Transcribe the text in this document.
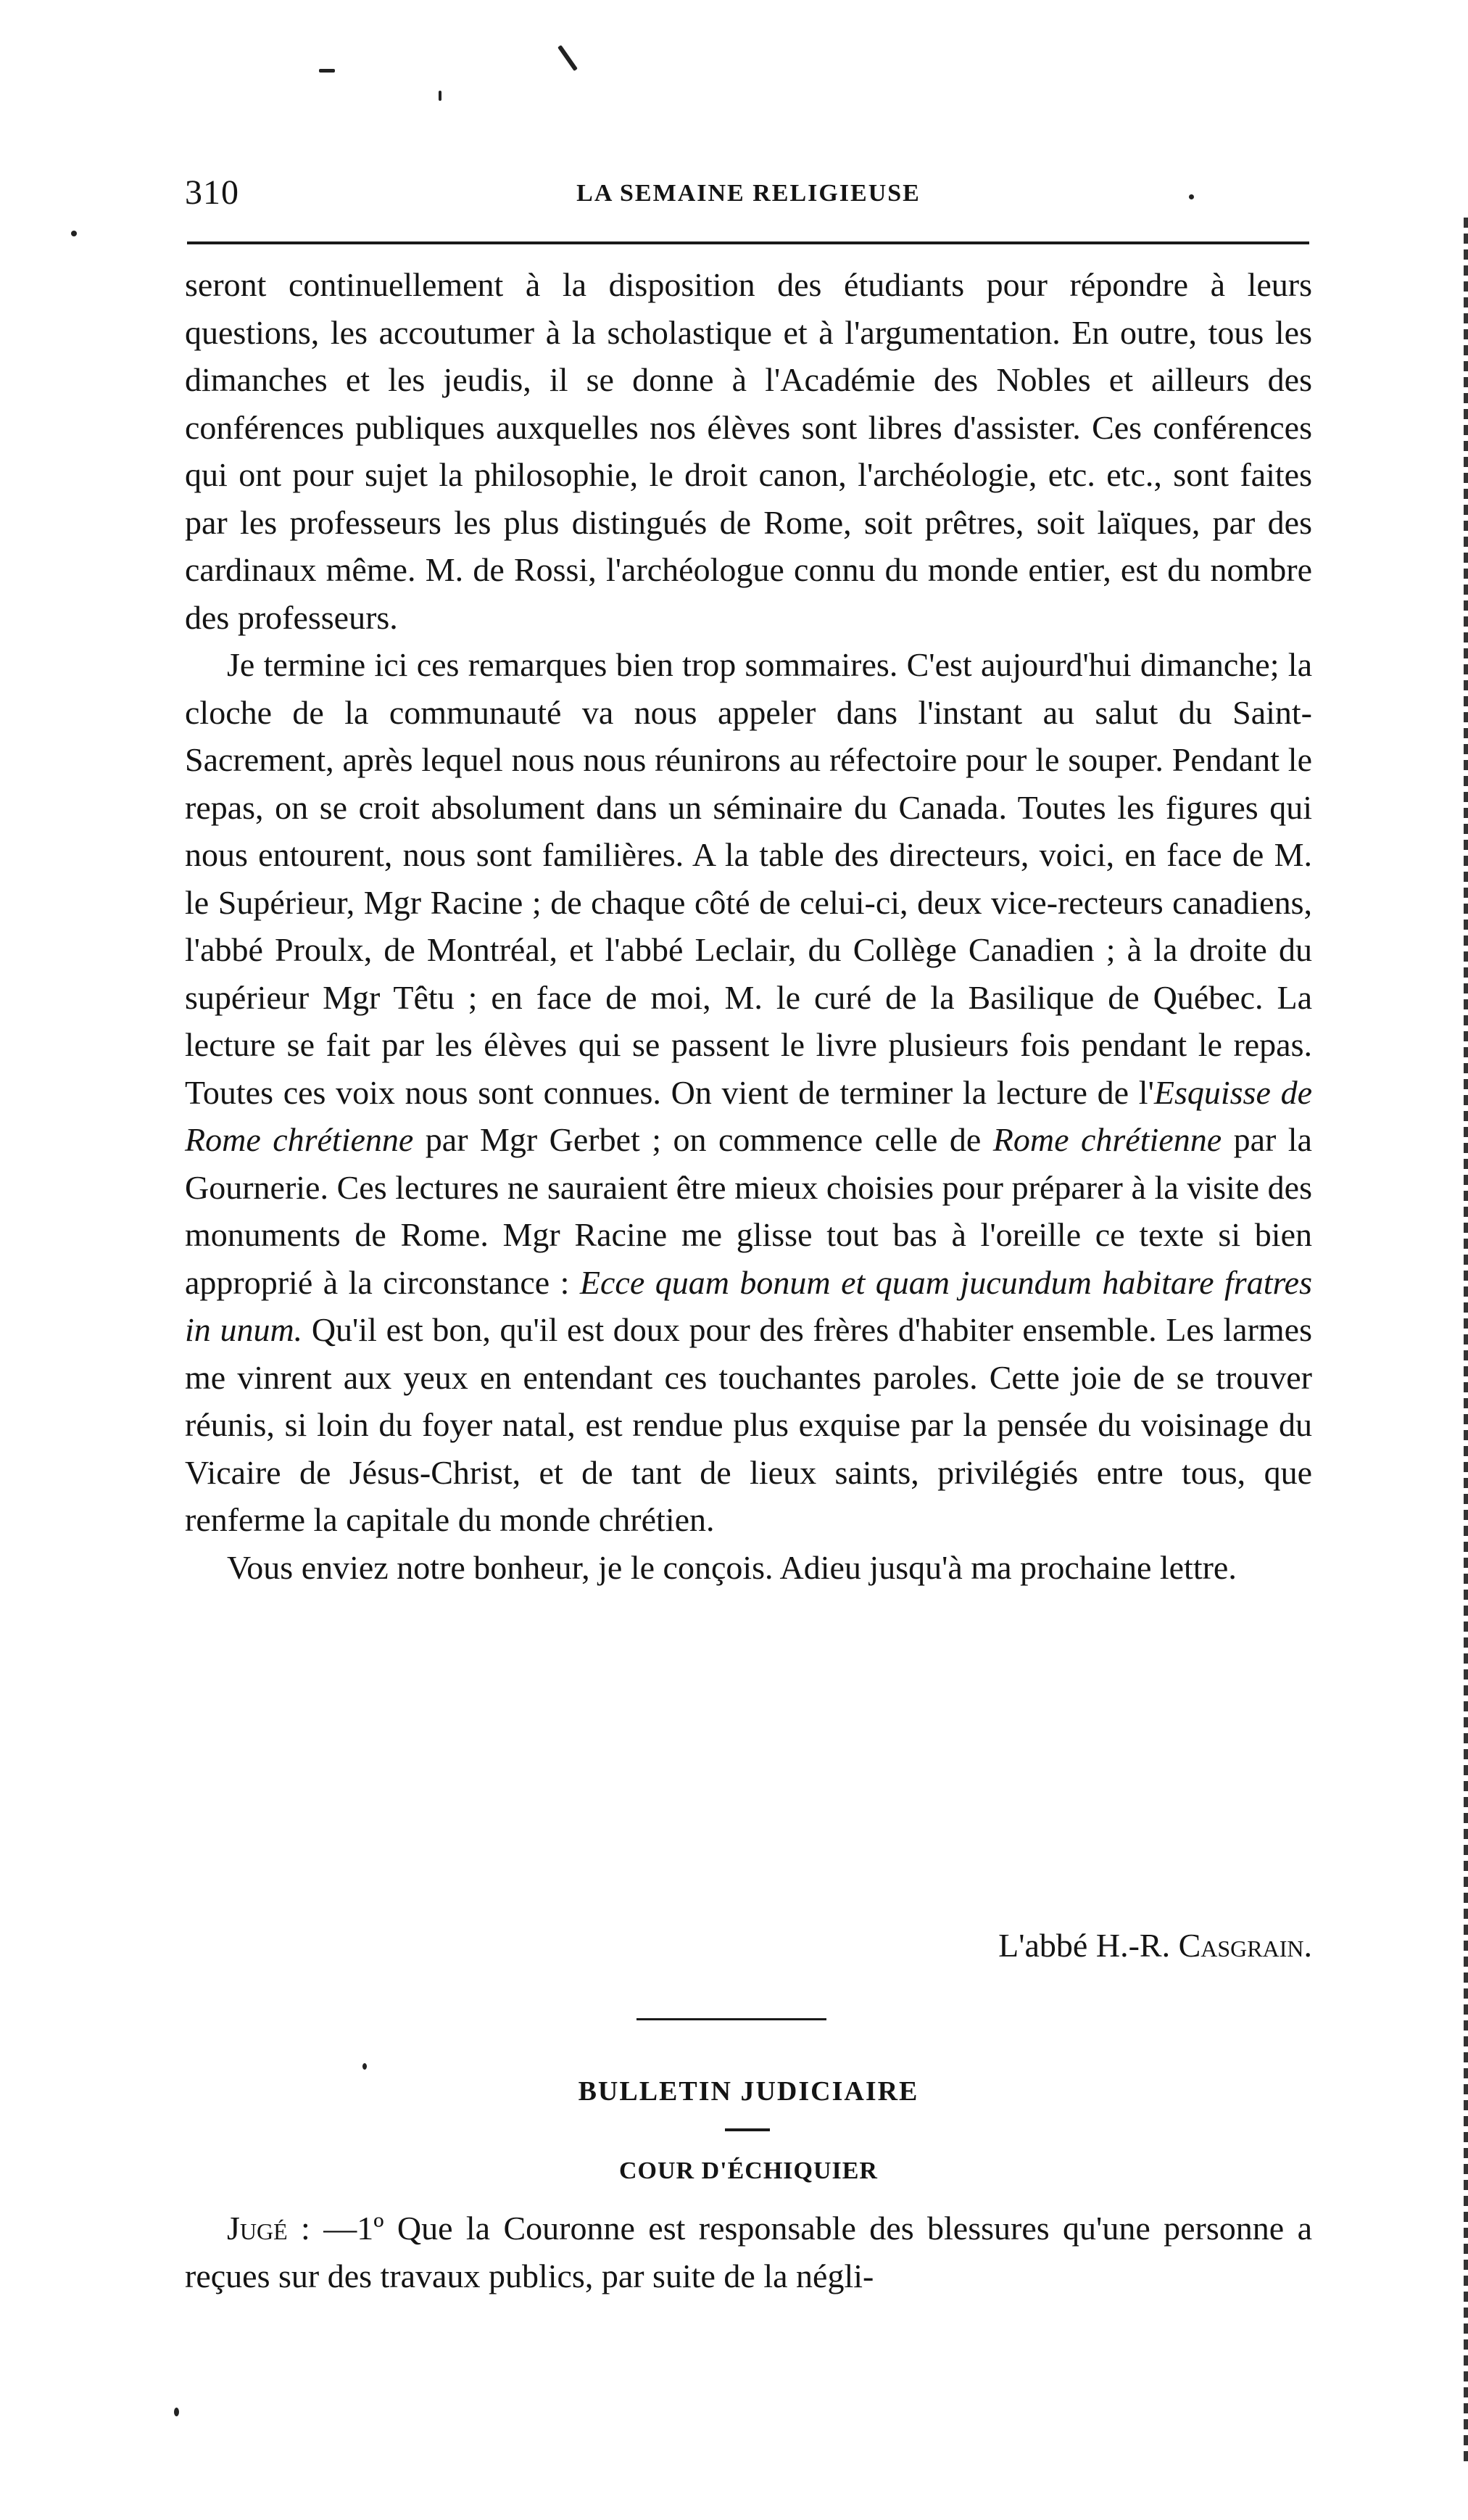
310	LA SEMAINE RELIGIEUSE

seront continuellement à la disposition des étudiants pour répondre à leurs questions, les accoutumer à la scholastique et à l'argumentation. En outre, tous les dimanches et les jeudis, il se donne à l'Académie des Nobles et ailleurs des conférences publiques auxquelles nos élèves sont libres d'assister. Ces conférences qui ont pour sujet la philosophie, le droit canon, l'archéologie, etc. etc., sont faites par les professeurs les plus distingués de Rome, soit prêtres, soit laïques, par des cardinaux même. M. de Rossi, l'archéologue connu du monde entier, est du nombre des professeurs.

Je termine ici ces remarques bien trop sommaires. C'est aujourd'hui dimanche; la cloche de la communauté va nous appeler dans l'instant au salut du Saint-Sacrement, après lequel nous nous réunirons au réfectoire pour le souper. Pendant le repas, on se croit absolument dans un séminaire du Canada. Toutes les figures qui nous entourent, nous sont familières. A la table des directeurs, voici, en face de M. le Supérieur, Mgr Racine ; de chaque côté de celui-ci, deux vice-recteurs canadiens, l'abbé Proulx, de Montréal, et l'abbé Leclair, du Collège Canadien ; à la droite du supérieur Mgr Têtu ; en face de moi, M. le curé de la Basilique de Québec. La lecture se fait par les élèves qui se passent le livre plusieurs fois pendant le repas. Toutes ces voix nous sont connues. On vient de terminer la lecture de l'Esquisse de Rome chrétienne par Mgr Gerbet ; on commence celle de Rome chrétienne par la Gournerie. Ces lectures ne sauraient être mieux choisies pour préparer à la visite des monuments de Rome. Mgr Racine me glisse tout bas à l'oreille ce texte si bien approprié à la circonstance : Ecce quam bonum et quam jucundum habitare fratres in unum. Qu'il est bon, qu'il est doux pour des frères d'habiter ensemble. Les larmes me vinrent aux yeux en entendant ces touchantes paroles. Cette joie de se trouver réunis, si loin du foyer natal, est rendue plus exquise par la pensée du voisinage du Vicaire de Jésus-Christ, et de tant de lieux saints, privilégiés entre tous, que renferme la capitale du monde chrétien.

Vous enviez notre bonheur, je le conçois. Adieu jusqu'à ma prochaine lettre.

L'abbé H.-R. Casgrain.
BULLETIN JUDICIAIRE
COUR D'ÉCHIQUIER

Jugé : —1º Que la Couronne est responsable des blessures qu'une personne a reçues sur des travaux publics, par suite de la négli-
